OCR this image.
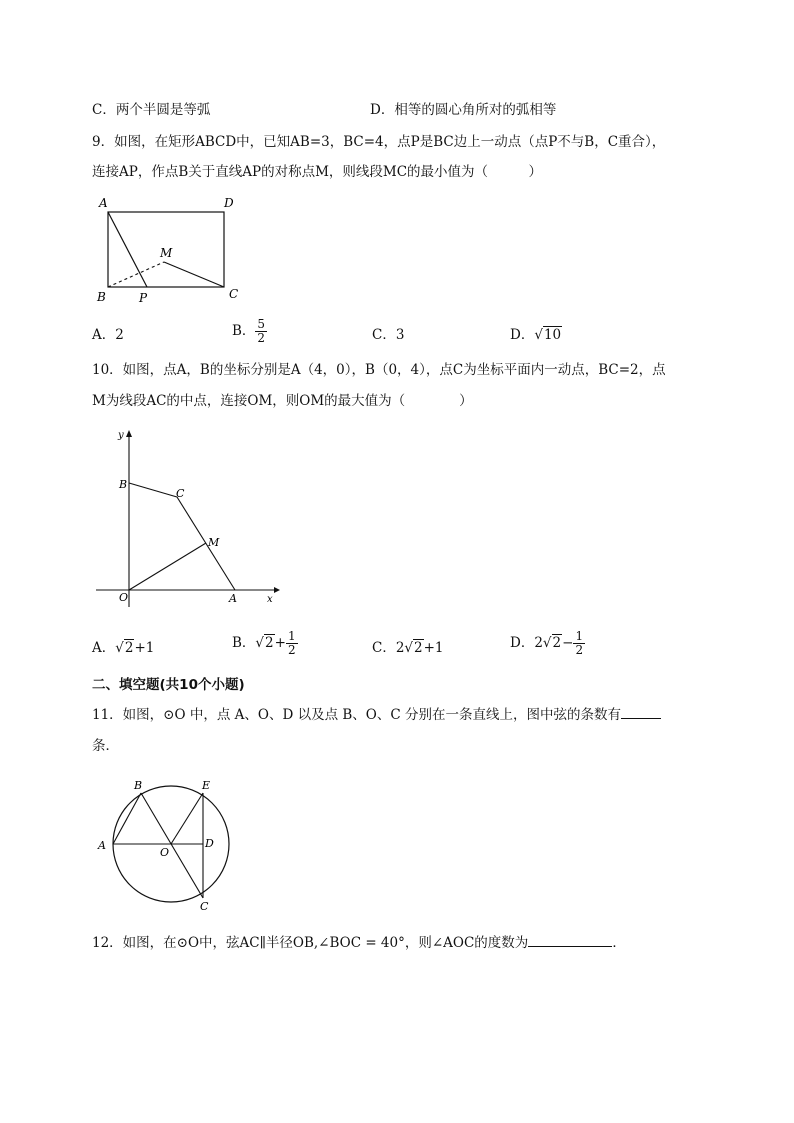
C．两个半圆是等弧	D．相等的圆心角所对的弧相等
9．如图，在矩形ABCD中，已知AB=3，BC=4，点P是BC边上一动点（点P不与B，C重合），
连接AP，作点B关于直线AP的对称点M，则线段MC的最小值为（　　　）
A	D
B	P	C
M
A．2	B． $\frac{5}{2}$	C．3	D．√10
10．如图，点A，B的坐标分别是A（4，0），B（0，4），点C为坐标平面内一动点，BC=2，点
M为线段AC的中点，连接OM，则OM的最大值为（　　　　）
y
x
O	A
B
C
M
A．√2+1	B．$√2+ \frac{1}{2}$	C．2√2+1	D．$2√2- \frac{1}{2}$
二、填空题(共10个小题)
11．如图，⊙O 中，点 A、O、D 以及点 B、O、C 分别在一条直线上，图中弦的条数有
条．
A
B	E
O
D
C
12．如图，在⊙O中，弦AC∥半径OB,∠BOC = 40°，则∠AOC的度数为	．
